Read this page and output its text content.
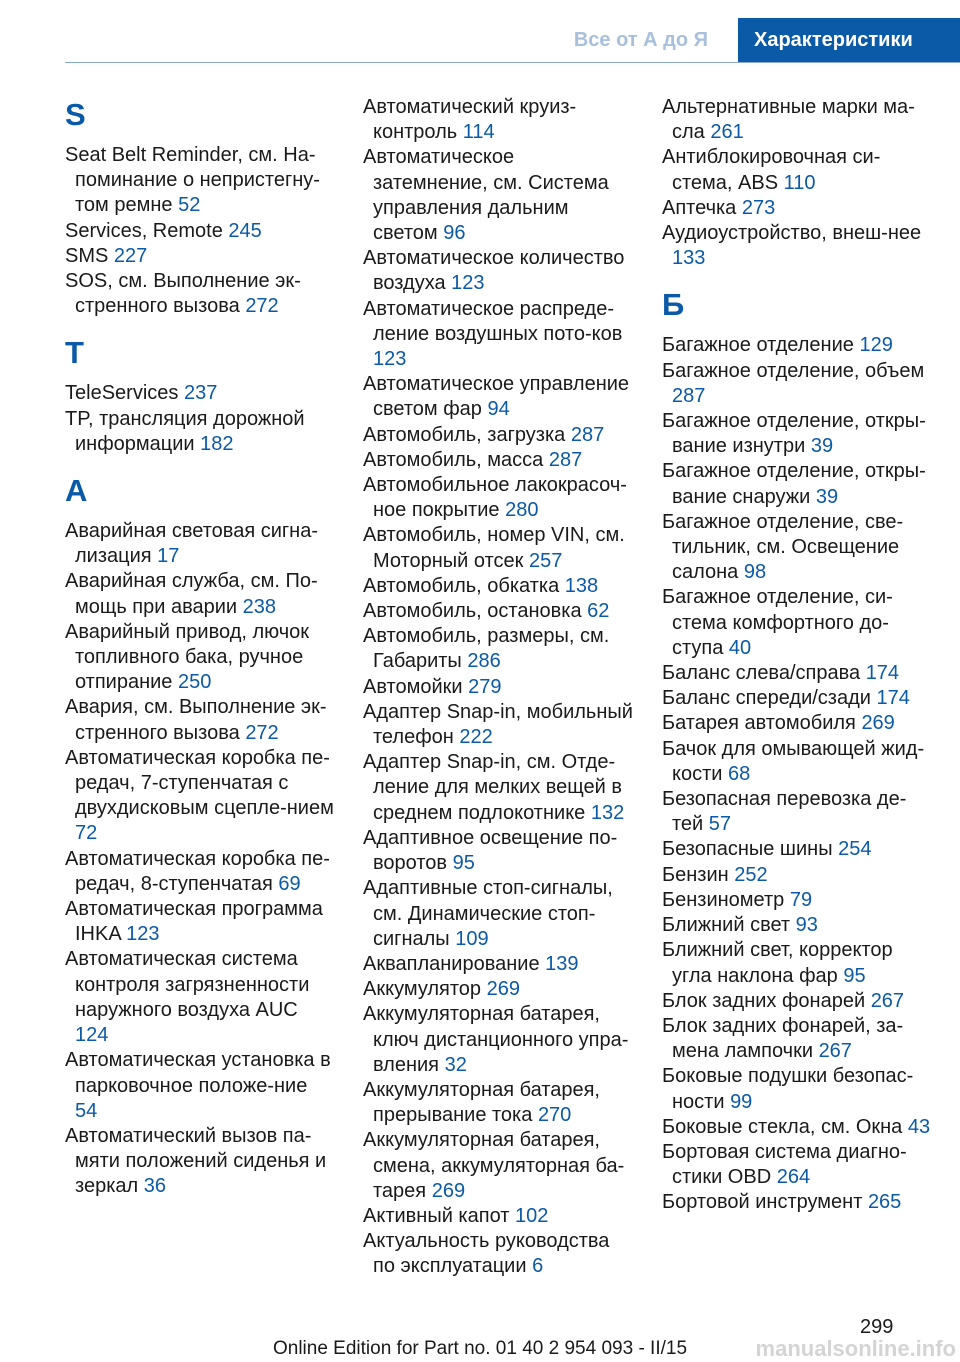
Все от А до Я	Характеристики
S
Seat Belt Reminder, см. На-поминание о непристегну-том ремне 52
Services, Remote 245
SMS 227
SOS, см. Выполнение эк-стренного вызова 272
T
TeleServices 237
TP, трансляция дорожной информации 182
А
Аварийная световая сигна-лизация 17
Аварийная служба, см. По-мощь при аварии 238
Аварийный привод, лючок топливного бака, ручное отпирание 250
Авария, см. Выполнение эк-стренного вызова 272
Автоматическая коробка пе-редач, 7-ступенчатая с двухдисковым сцепле-нием 72
Автоматическая коробка пе-редач, 8-ступенчатая 69
Автоматическая программа IHKA 123
Автоматическая система контроля загрязненности наружного воздуха AUC 124
Автоматическая установка в парковочное положе-ние 54
Автоматический вызов па-мяти положений сиденья и зеркал 36
Автоматический круиз-контроль 114
Автоматическое затемнение, см. Система управления дальним светом 96
Автоматическое количество воздуха 123
Автоматическое распреде-ление воздушных пото-ков 123
Автоматическое управление светом фар 94
Автомобиль, загрузка 287
Автомобиль, масса 287
Автомобильное лакокрасоч-ное покрытие 280
Автомобиль, номер VIN, см. Моторный отсек 257
Автомобиль, обкатка 138
Автомобиль, остановка 62
Автомобиль, размеры, см. Габариты 286
Автомойки 279
Адаптер Snap-in, мобильный телефон 222
Адаптер Snap-in, см. Отде-ление для мелких вещей в среднем подлокотнике 132
Адаптивное освещение по-воротов 95
Адаптивные стоп-сигналы, см. Динамические стоп-сигналы 109
Аквапланирование 139
Аккумулятор 269
Аккумуляторная батарея, ключ дистанционного упра-вления 32
Аккумуляторная батарея, прерывание тока 270
Аккумуляторная батарея, смена, аккумуляторная ба-тарея 269
Активный капот 102
Актуальность руководства по эксплуатации 6
Альтернативные марки ма-сла 261
Антиблокировочная си-стема, ABS 110
Аптечка 273
Аудиоустройство, внеш-нее 133
Б
Багажное отделение 129
Багажное отделение, объем 287
Багажное отделение, откры-вание изнутри 39
Багажное отделение, откры-вание снаружи 39
Багажное отделение, све-тильник, см. Освещение салона 98
Багажное отделение, си-стема комфортного до-ступа 40
Баланс слева/справа 174
Баланс спереди/сзади 174
Батарея автомобиля 269
Бачок для омывающей жид-кости 68
Безопасная перевозка де-тей 57
Безопасные шины 254
Бензин 252
Бензинометр 79
Ближний свет 93
Ближний свет, корректор угла наклона фар 95
Блок задних фонарей 267
Блок задних фонарей, за-мена лампочки 267
Боковые подушки безопас-ности 99
Боковые стекла, см. Окна 43
Бортовая система диагно-стики OBD 264
Бортовой инструмент 265
299
Online Edition for Part no. 01 40 2 954 093 - II/15	manualsonline.info
